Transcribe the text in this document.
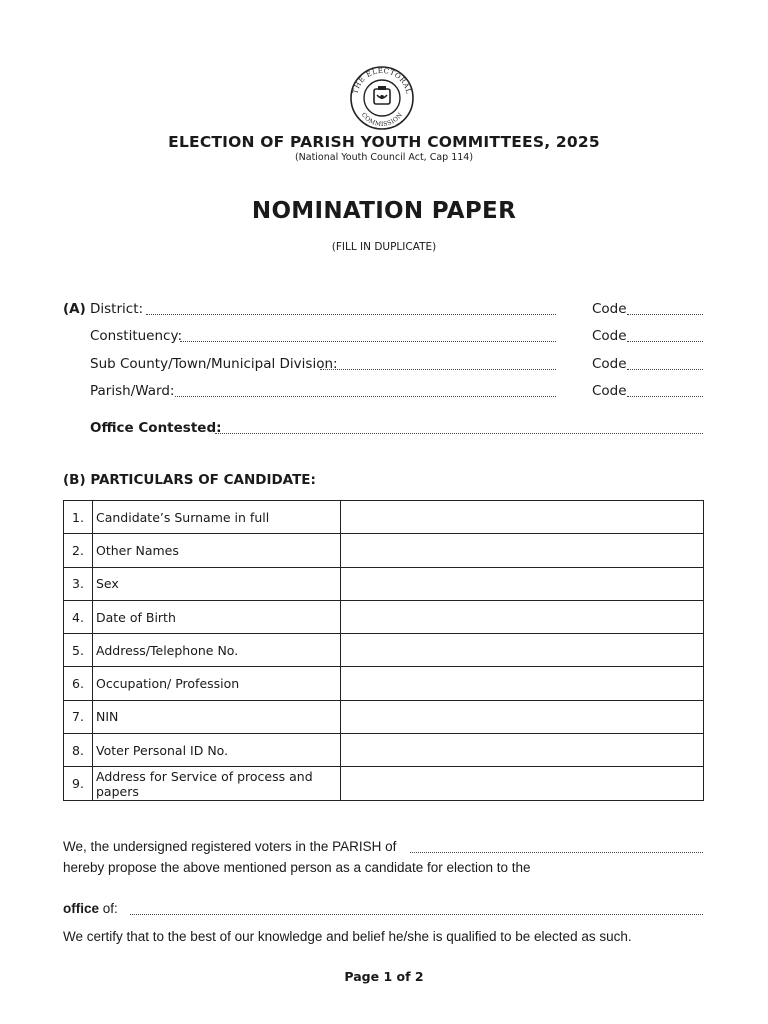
THE ELECTORAL
COMMISSION
ELECTION OF PARISH YOUTH COMMITTEES, 2025
(National Youth Council Act, Cap 114)
NOMINATION PAPER
(FILL IN DUPLICATE)
(A) District:	Code
Constituency:	Code
Sub County/Town/Municipal Division:	Code
Parish/Ward:	Code
Office Contested:
(B) PARTICULARS OF CANDIDATE:
1.	Candidate’s Surname in full	
2.	Other Names	
3.	Sex	
4.	Date of Birth	
5.	Address/Telephone No.	
6.	Occupation/ Profession	
7.	NIN	
8.	Voter Personal ID No.	
9.	Address for Service of process and papers	
We, the undersigned registered voters in the PARISH of
hereby propose the above mentioned person as a candidate for election to the
office of:
We certify that to the best of our knowledge and belief he/she is qualified to be elected as such.
Page 1 of 2
